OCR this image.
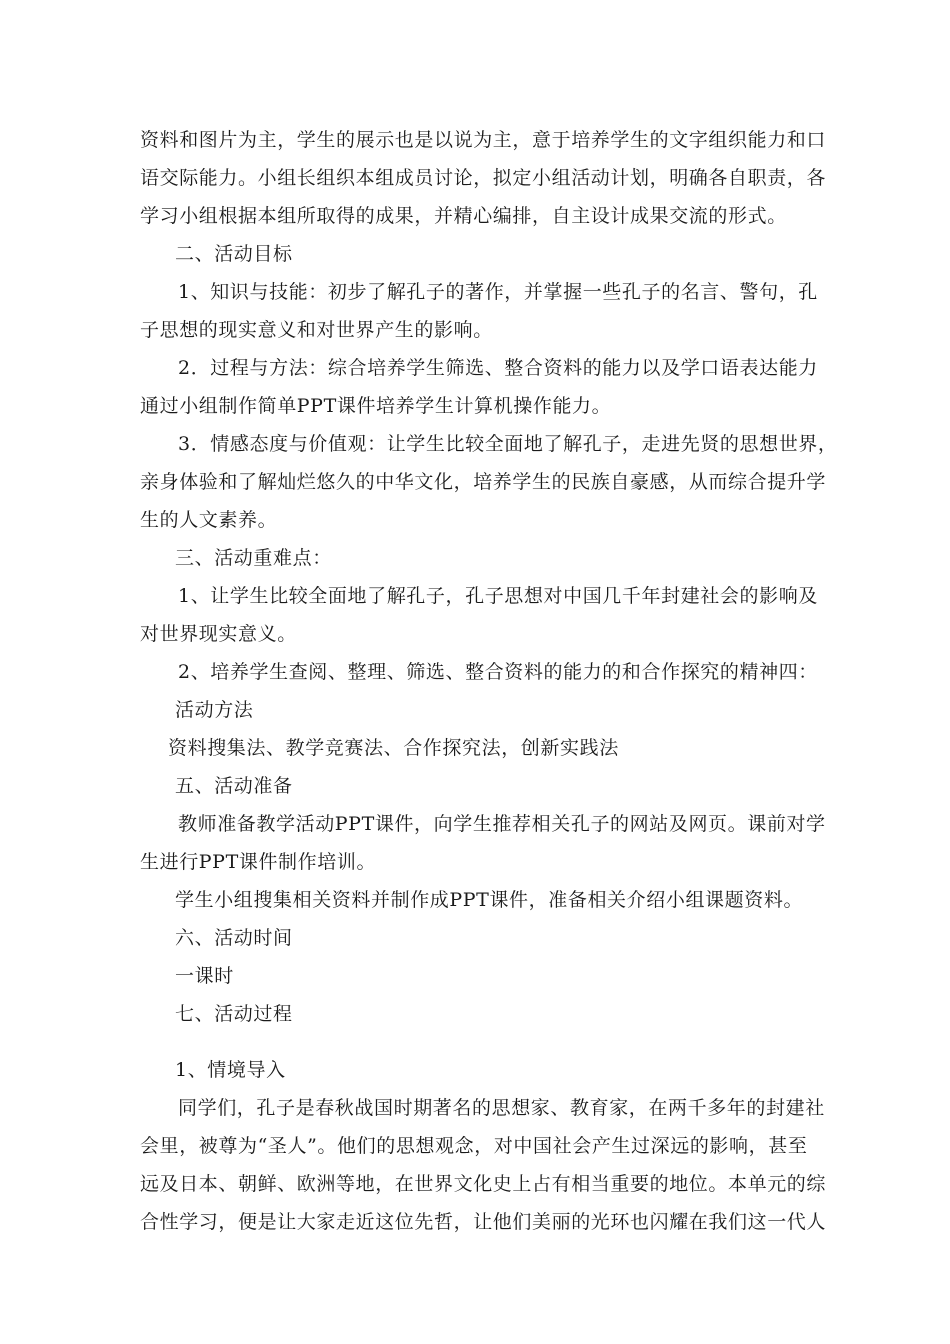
资料和图片为主，学生的展示也是以说为主，意于培养学生的文字组织能力和口
语交际能力。小组长组织本组成员讨论，拟定小组活动计划，明确各自职责，各
学习小组根据本组所取得的成果，并精心编排，自主设计成果交流的形式。
二、活动目标
1、知识与技能：初步了解孔子的著作，并掌握一些孔子的名言、警句，孔
子思想的现实意义和对世界产生的影响。
2．过程与方法：综合培养学生筛选、整合资料的能力以及学口语表达能力
通过小组制作简单PPT课件培养学生计算机操作能力。
3．情感态度与价值观：让学生比较全面地了解孔子，走进先贤的思想世界，
亲身体验和了解灿烂悠久的中华文化，培养学生的民族自豪感，从而综合提升学
生的人文素养。
三、活动重难点：
1、让学生比较全面地了解孔子，孔子思想对中国几千年封建社会的影响及
对世界现实意义。
2、培养学生查阅、整理、筛选、整合资料的能力的和合作探究的精神四：
活动方法
资料搜集法、教学竞赛法、合作探究法，创新实践法
五、活动准备
教师准备教学活动PPT课件，向学生推荐相关孔子的网站及网页。课前对学
生进行PPT课件制作培训。
学生小组搜集相关资料并制作成PPT课件，准备相关介绍小组课题资料。
六、活动时间
一课时
七、活动过程
1、情境导入
同学们，孔子是春秋战国时期著名的思想家、教育家，在两千多年的封建社
会里，被尊为“圣人”。他们的思想观念，对中国社会产生过深远的影响，甚至
远及日本、朝鲜、欧洲等地，在世界文化史上占有相当重要的地位。本单元的综
合性学习，便是让大家走近这位先哲，让他们美丽的光环也闪耀在我们这一代人
